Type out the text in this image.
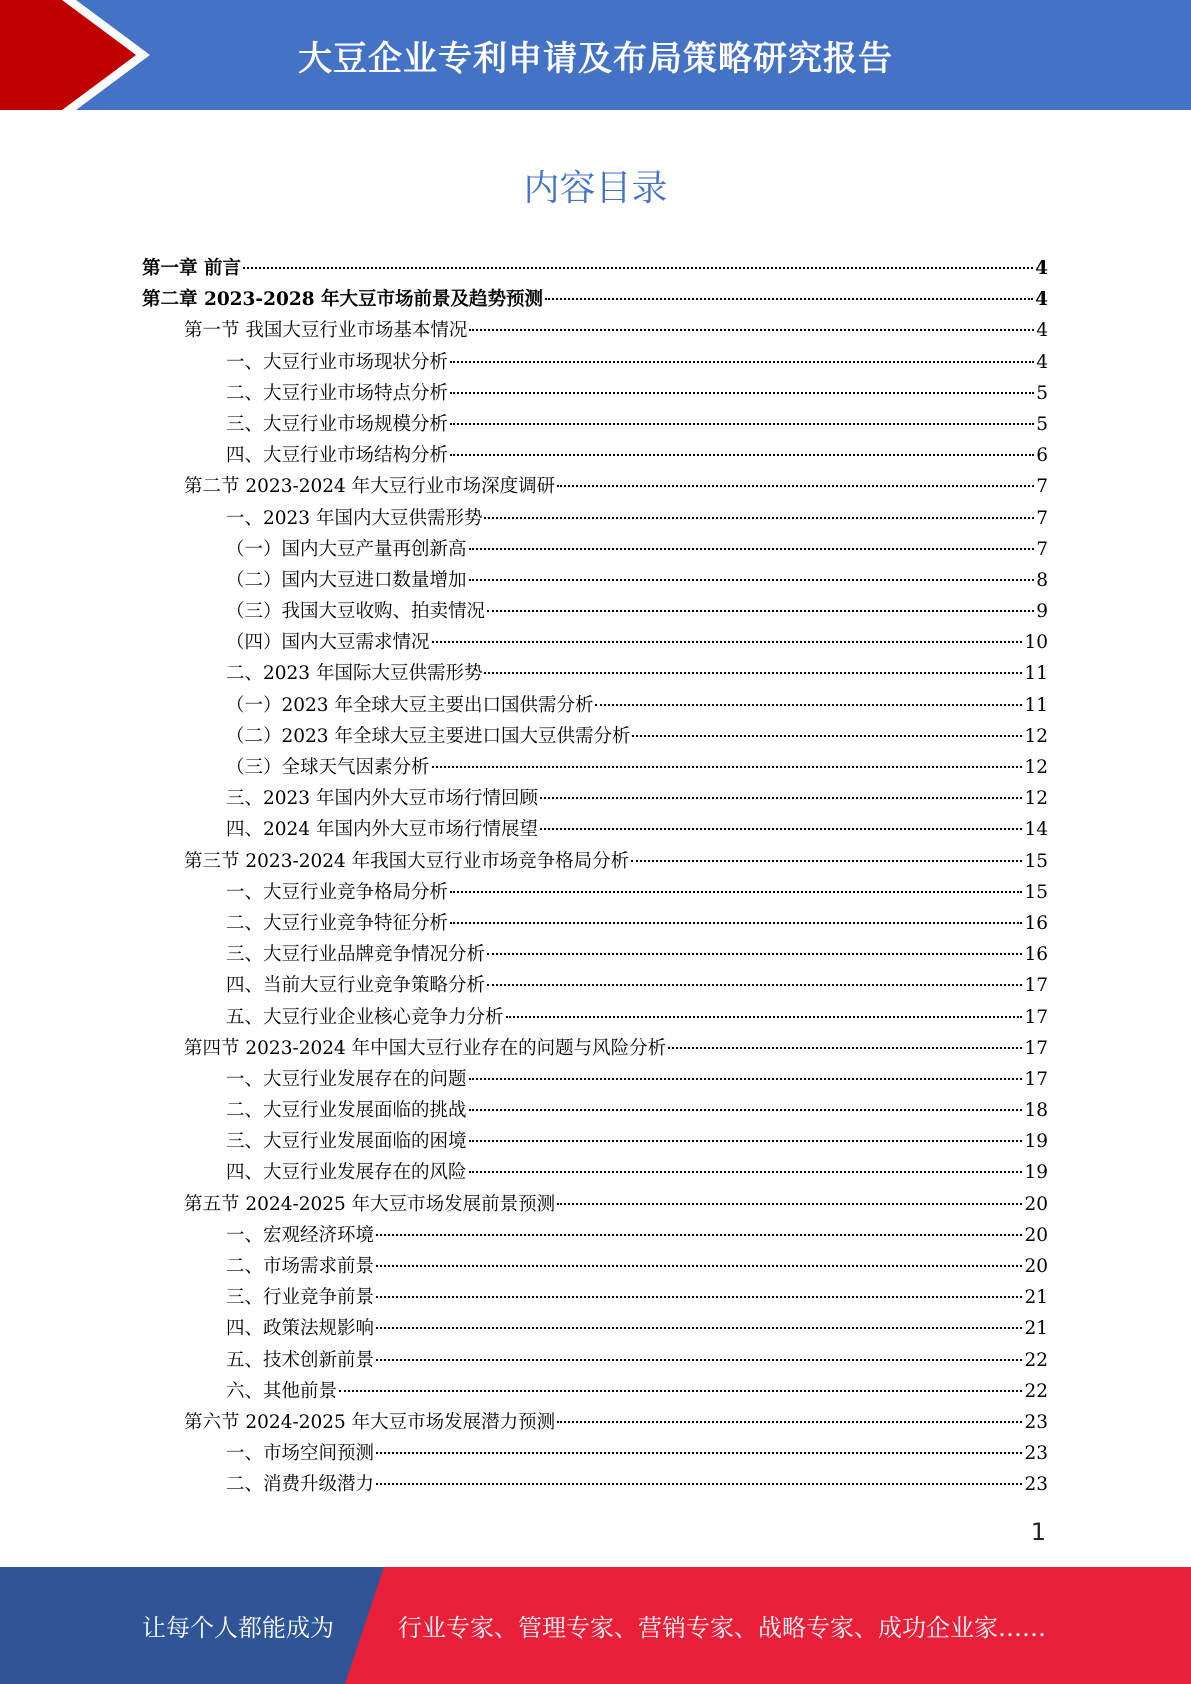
大豆企业专利申请及布局策略研究报告
内容目录
第一章 前言	4
第二章 2023-2028 年大豆市场前景及趋势预测	4
第一节 我国大豆行业市场基本情况	4
一、大豆行业市场现状分析	4
二、大豆行业市场特点分析	5
三、大豆行业市场规模分析	5
四、大豆行业市场结构分析	6
第二节 2023-2024 年大豆行业市场深度调研	7
一、2023 年国内大豆供需形势	7
（一）国内大豆产量再创新高	7
（二）国内大豆进口数量增加	8
（三）我国大豆收购、拍卖情况	9
（四）国内大豆需求情况	10
二、2023 年国际大豆供需形势	11
（一）2023 年全球大豆主要出口国供需分析	11
（二）2023 年全球大豆主要进口国大豆供需分析	12
（三）全球天气因素分析	12
三、2023 年国内外大豆市场行情回顾	12
四、2024 年国内外大豆市场行情展望	14
第三节 2023-2024 年我国大豆行业市场竞争格局分析	15
一、大豆行业竞争格局分析	15
二、大豆行业竞争特征分析	16
三、大豆行业品牌竞争情况分析	16
四、当前大豆行业竞争策略分析	17
五、大豆行业企业核心竞争力分析	17
第四节 2023-2024 年中国大豆行业存在的问题与风险分析	17
一、大豆行业发展存在的问题	17
二、大豆行业发展面临的挑战	18
三、大豆行业发展面临的困境	19
四、大豆行业发展存在的风险	19
第五节 2024-2025 年大豆市场发展前景预测	20
一、宏观经济环境	20
二、市场需求前景	20
三、行业竞争前景	21
四、政策法规影响	21
五、技术创新前景	22
六、其他前景	22
第六节 2024-2025 年大豆市场发展潜力预测	23
一、市场空间预测	23
二、消费升级潜力	23
1
让每个人都能成为	行业专家、管理专家、营销专家、战略专家、成功企业家……
